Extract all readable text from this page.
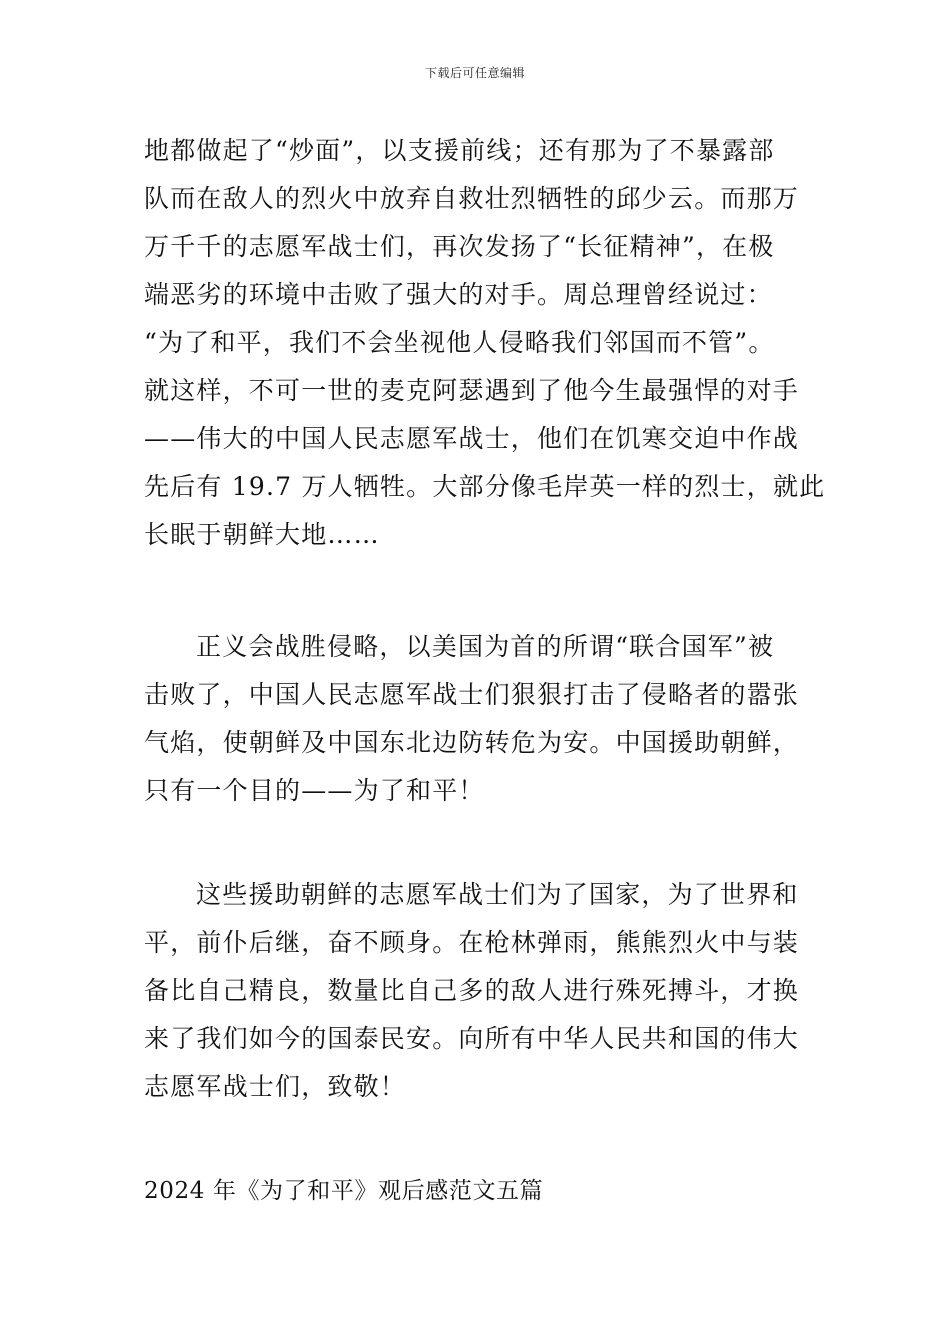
下载后可任意编辑
地都做起了“炒面”，以支援前线；还有那为了不暴露部
队而在敌人的烈火中放弃自救壮烈牺牲的邱少云。而那万
万千千的志愿军战士们，再次发扬了“长征精神”，在极
端恶劣的环境中击败了强大的对手。周总理曾经说过：
“为了和平，我们不会坐视他人侵略我们邻国而不管”。
就这样，不可一世的麦克阿瑟遇到了他今生最强悍的对手
——伟大的中国人民志愿军战士，他们在饥寒交迫中作战
先后有 19.7 万人牺牲。大部分像毛岸英一样的烈士，就此
长眠于朝鲜大地……
正义会战胜侵略，以美国为首的所谓“联合国军”被
击败了，中国人民志愿军战士们狠狠打击了侵略者的嚣张
气焰，使朝鲜及中国东北边防转危为安。中国援助朝鲜，
只有一个目的——为了和平！
这些援助朝鲜的志愿军战士们为了国家，为了世界和
平，前仆后继，奋不顾身。在枪林弹雨，熊熊烈火中与装
备比自己精良，数量比自己多的敌人进行殊死搏斗，才换
来了我们如今的国泰民安。向所有中华人民共和国的伟大
志愿军战士们，致敬！
2024 年《为了和平》观后感范文五篇
